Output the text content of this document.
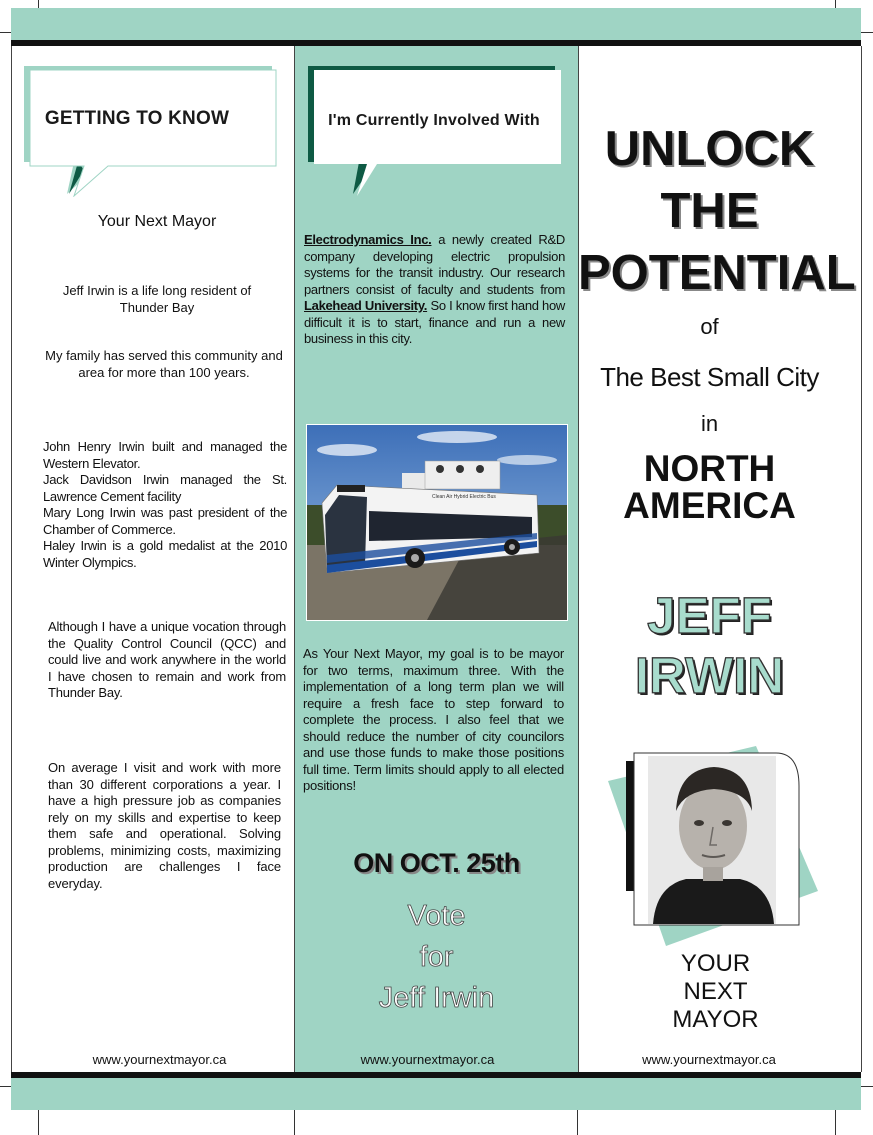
GETTING TO KNOW
Your Next Mayor
Jeff Irwin is a life long resident of Thunder Bay
My family has served this community and area for more than 100 years.
John Henry Irwin built and managed the Western Elevator.
Jack Davidson Irwin managed the St. Lawrence Cement facility
Mary Long Irwin was past president of the Chamber of Commerce.
Haley Irwin is a gold medalist at the 2010 Winter Olympics.
Although I have a unique vocation through the Quality Control Council (QCC) and could live and work anywhere in the world I have chosen to remain and work from Thunder Bay.
On average I visit and work with more than 30 different corporations a year. I have a high pressure job as companies rely on my skills and expertise to keep them safe and operational. Solving problems, minimizing costs, maximizing production are challenges I face everyday.
www.yournextmayor.ca
I'm Currently Involved With
Electrodynamics Inc. a newly created R&D company developing electric propulsion systems for the transit industry. Our research partners consist of faculty and students from Lakehead University. So I know first hand how difficult it is to start, finance and run a new business in this city.
Clean Air Hybrid Electric Bus
As Your Next Mayor, my goal is to be mayor for two terms, maximum three. With the implementation of a long term plan we will require a fresh face to step forward to complete the process. I also feel that we should reduce the number of city councilors and use those funds to make those positions full time. Term limits should apply to all elected positions!
ON OCT. 25th
Vote
for
Jeff Irwin
www.yournextmayor.ca
UNLOCK
THE
POTENTIAL
of
The Best Small City
in
NORTH
AMERICA
JEFF
IRWIN
YOUR
NEXT
MAYOR
www.yournextmayor.ca
